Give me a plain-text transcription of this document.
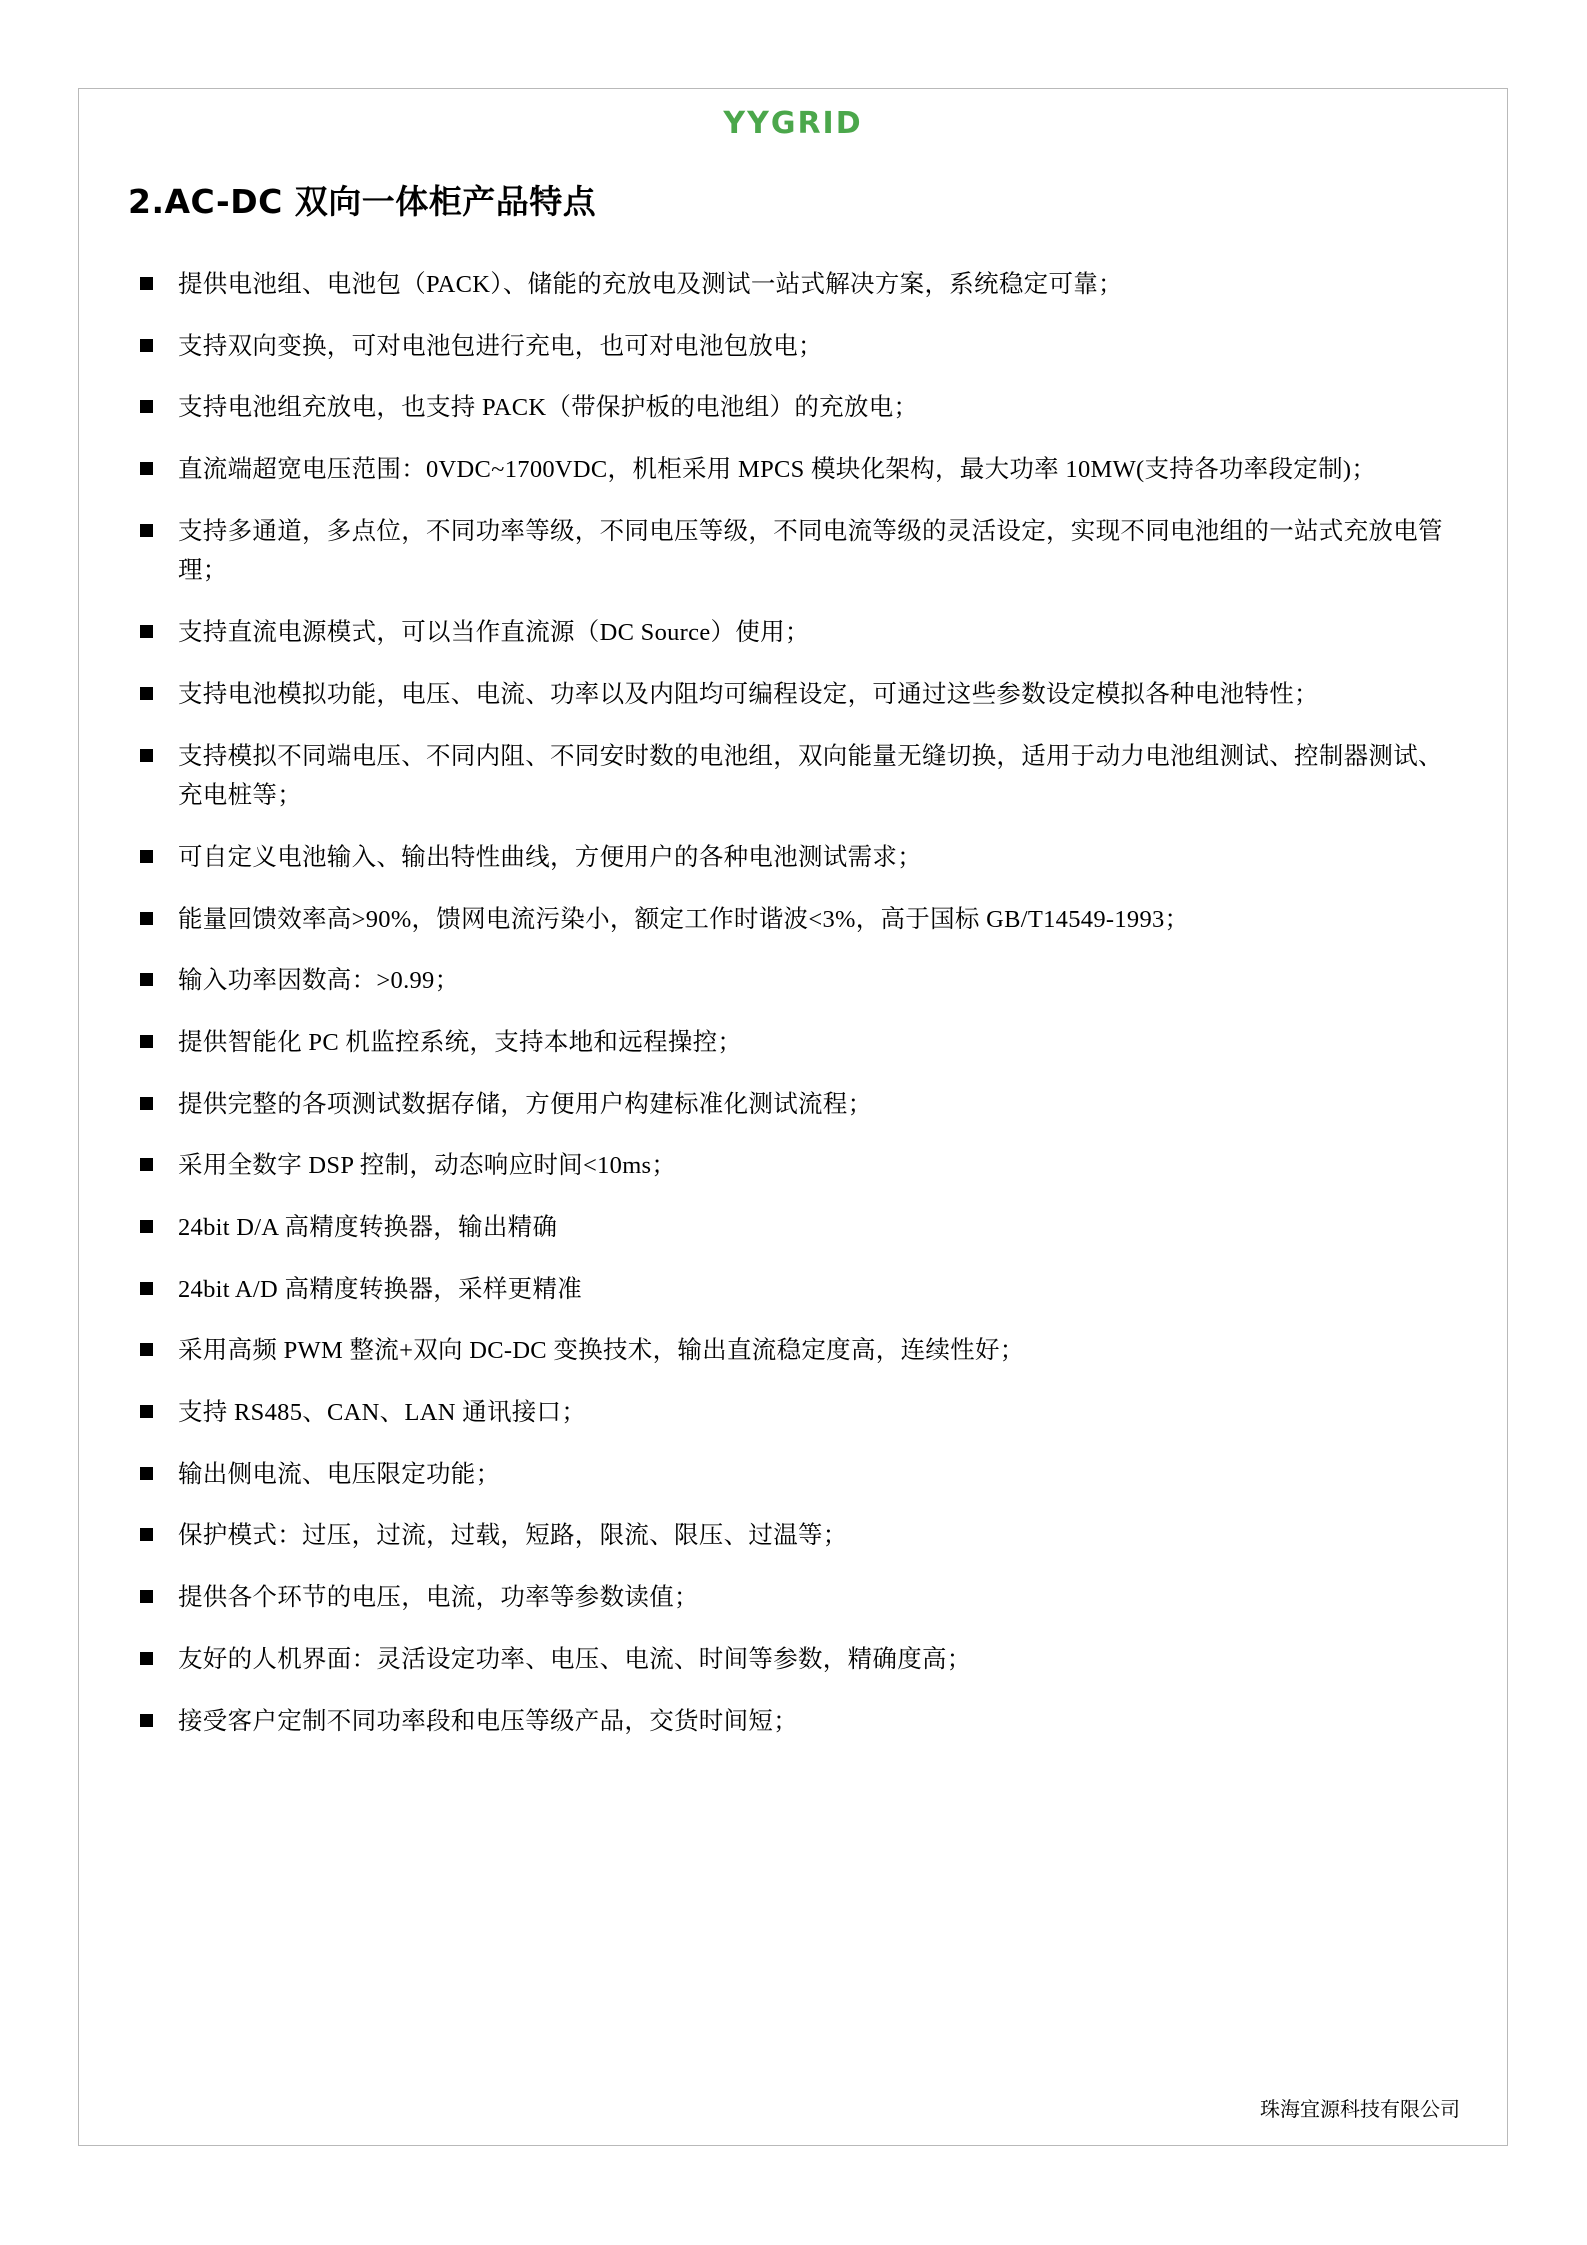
YYGRID
2.AC-DC 双向一体柜产品特点
提供电池组、电池包（PACK）、储能的充放电及测试一站式解决方案，系统稳定可靠；
支持双向变换，可对电池包进行充电，也可对电池包放电；
支持电池组充放电，也支持 PACK（带保护板的电池组）的充放电；
直流端超宽电压范围：0VDC~1700VDC，机柜采用 MPCS 模块化架构，最大功率 10MW(支持各功率段定制)；
支持多通道，多点位，不同功率等级，不同电压等级，不同电流等级的灵活设定，实现不同电池组的一站式充放电管理；
支持直流电源模式，可以当作直流源（DC Source）使用；
支持电池模拟功能，电压、电流、功率以及内阻均可编程设定，可通过这些参数设定模拟各种电池特性；
支持模拟不同端电压、不同内阻、不同安时数的电池组，双向能量无缝切换，适用于动力电池组测试、控制器测试、充电桩等；
可自定义电池输入、输出特性曲线，方便用户的各种电池测试需求；
能量回馈效率高>90%，馈网电流污染小，额定工作时谐波<3%，高于国标 GB/T14549-1993；
输入功率因数高：>0.99；
提供智能化 PC 机监控系统，支持本地和远程操控；
提供完整的各项测试数据存储，方便用户构建标准化测试流程；
采用全数字 DSP 控制，动态响应时间<10ms；
24bit D/A 高精度转换器，输出精确
24bit A/D 高精度转换器，采样更精准
采用高频 PWM 整流+双向 DC-DC 变换技术，输出直流稳定度高，连续性好；
支持 RS485、CAN、LAN 通讯接口；
输出侧电流、电压限定功能；
保护模式：过压，过流，过载，短路，限流、限压、过温等；
提供各个环节的电压，电流，功率等参数读值；
友好的人机界面：灵活设定功率、电压、电流、时间等参数，精确度高；
接受客户定制不同功率段和电压等级产品，交货时间短；
珠海宜源科技有限公司
